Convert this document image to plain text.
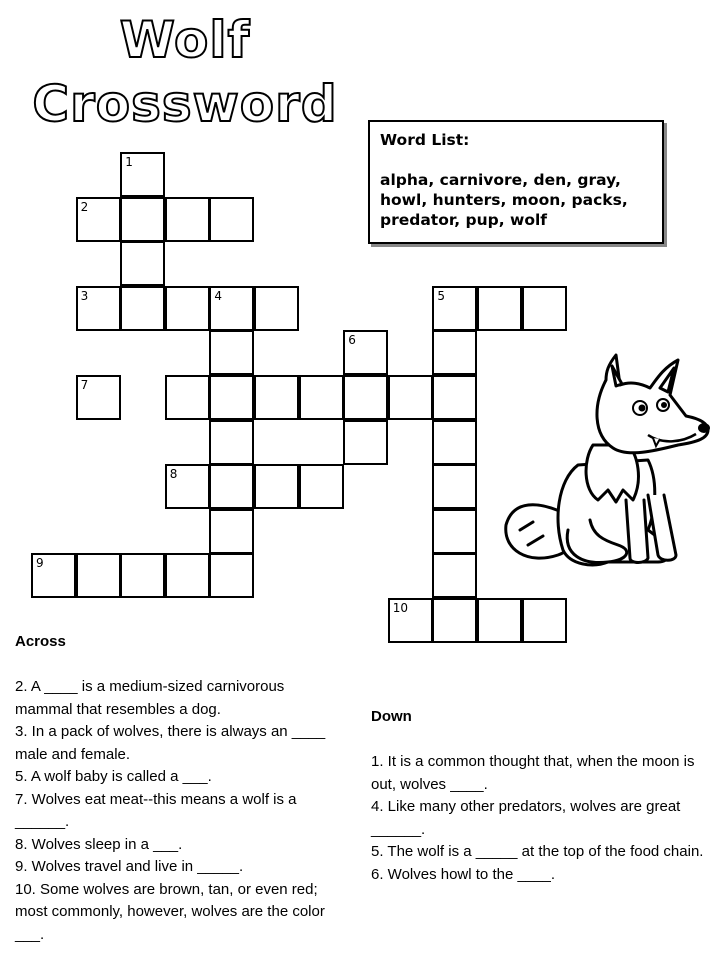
Wolf
Crossword
Word List:
alpha, carnivore, den, gray, howl, hunters, moon, packs, predator, pup, wolf
1
2
3	4
7
6
5
8
9
10
Across

2. A ____ is a medium-sized carnivorous mammal that resembles a dog.

3. In a pack of wolves, there is always an ____ male and female.

5. A wolf baby is called a ___.

7. Wolves eat meat--this means a wolf is a ______.

8. Wolves sleep in a ___.

9. Wolves travel and live in _____.

10. Some wolves are brown, tan, or even red; most commonly, however, wolves are the color ___.

Down

1. It is a common thought that, when the moon is out, wolves ____.

4. Like many other predators, wolves are great ______.

5. The wolf is a _____ at the top of the food chain.

6. Wolves howl to the ____.
